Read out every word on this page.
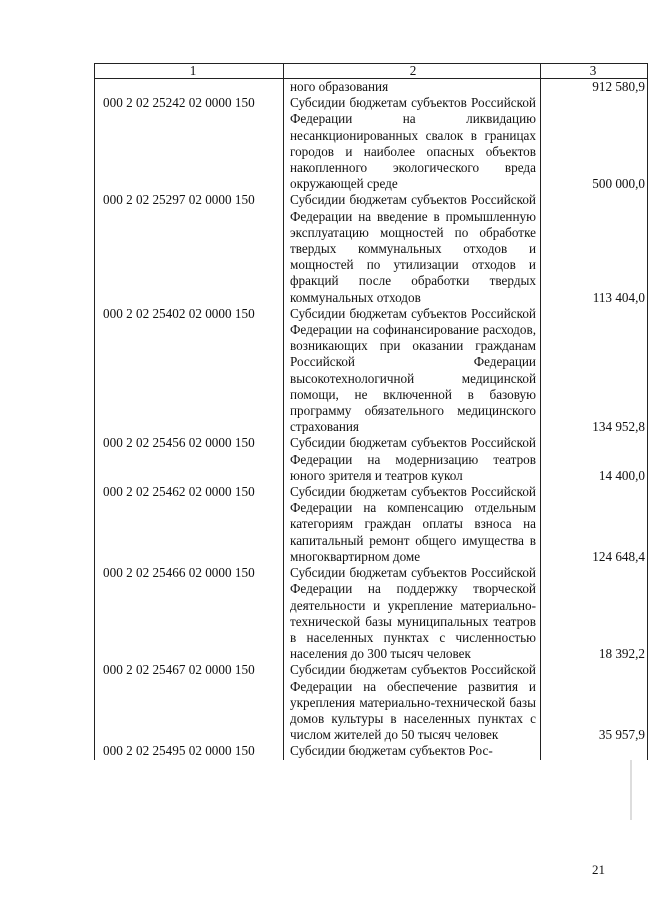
1	2	3
	ного образования	912 580,9
000 2 02 25242 02 0000 150	Субсидии бюджетам субъектов Российской Федерации на ликвидацию несанкционированных свалок в границах городов и наиболее опасных объектов накопленного экологического вреда окружающей среде	500 000,0
000 2 02 25297 02 0000 150	Субсидии бюджетам субъектов Российской Федерации на введение в промышленную эксплуатацию мощностей по обработке твердых коммунальных отходов и мощностей по утилизации отходов и фракций после обработки твердых коммунальных отходов	113 404,0
000 2 02 25402 02 0000 150	Субсидии бюджетам субъектов Российской Федерации на софинансирование расходов, возникающих при оказании гражданам Российской Федерации высокотехнологичной медицинской помощи, не включенной в базовую программу обязательного медицинского страхования	134 952,8
000 2 02 25456 02 0000 150	Субсидии бюджетам субъектов Российской Федерации на модернизацию театров юного зрителя и театров кукол	14 400,0
000 2 02 25462 02 0000 150	Субсидии бюджетам субъектов Российской Федерации на компенсацию отдельным категориям граждан оплаты взноса на капитальный ремонт общего имущества в многоквартирном доме	124 648,4
000 2 02 25466 02 0000 150	Субсидии бюджетам субъектов Российской Федерации на поддержку творческой деятельности и укрепление материально-технической базы муниципальных театров в населенных пунктах с численностью населения до 300 тысяч человек	18 392,2
000 2 02 25467 02 0000 150	Субсидии бюджетам субъектов Российской Федерации на обеспечение развития и укрепления материально-технической базы домов культуры в населенных пунктах с числом жителей до 50 тысяч человек	35 957,9
000 2 02 25495 02 0000 150	Субсидии бюджетам субъектов Рос-	
21
